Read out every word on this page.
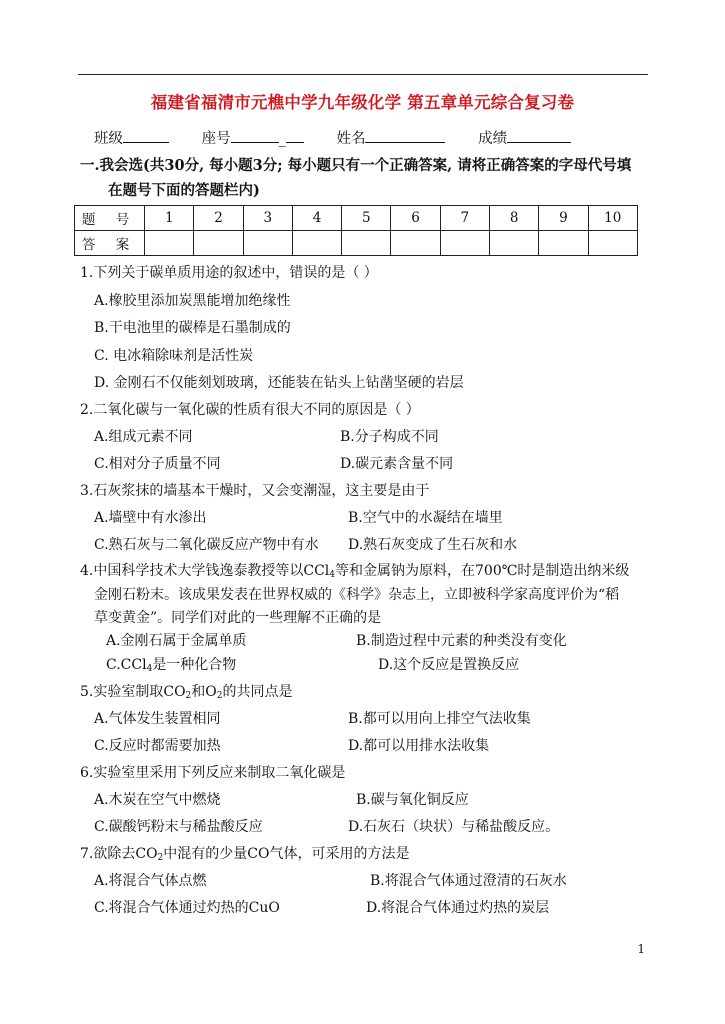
福建省福清市元樵中学九年级化学 第五章单元综合复习卷
班级	座号	_	姓名	成绩
一.我会选(共30分, 每小题3分; 每小题只有一个正确答案, 请将正确答案的字母代号填
在题号下面的答题栏内)
题 号	1	2	3	4	5	6	7	8	9	10
答 案										
1.下列关于碳单质用途的叙述中，错误的是（ ）
A.橡胶里添加炭黑能增加绝缘性
B.干电池里的碳棒是石墨制成的
C. 电冰箱除味剂是活性炭
D. 金刚石不仅能刻划玻璃，还能装在钻头上钻凿坚硬的岩层
2.二氧化碳与一氧化碳的性质有很大不同的原因是（ ）
A.组成元素不同	B.分子构成不同
C.相对分子质量不同	D.碳元素含量不同
3.石灰浆抹的墙基本干燥时，又会变潮湿，这主要是由于
A.墙壁中有水渗出	B.空气中的水凝结在墙里
C.熟石灰与二氧化碳反应产物中有水 D.熟石灰变成了生石灰和水
4.中国科学技术大学钱逸泰教授等以CCl4等和金属钠为原料，在700℃时是制造出纳米级
金刚石粉末。该成果发表在世界权威的《科学》杂志上，立即被科学家高度评价为“稻
草变黄金”。同学们对此的一些理解不正确的是
A.金刚石属于金属单质	B.制造过程中元素的种类没有变化
C.CCl4是一种化合物	D.这个反应是置换反应
5.实验室制取CO2和O2的共同点是
A.气体发生装置相同	B.都可以用向上排空气法收集
C.反应时都需要加热	D.都可以用排水法收集
6.实验室里采用下列反应来制取二氧化碳是
A.木炭在空气中燃烧	B.碳与氧化铜反应
C.碳酸钙粉末与稀盐酸反应	D.石灰石（块状）与稀盐酸反应。
7.欲除去CO2中混有的少量CO气体，可采用的方法是
A.将混合气体点燃	B.将混合气体通过澄清的石灰水
C.将混合气体通过灼热的CuO	D.将混合气体通过灼热的炭层
1
